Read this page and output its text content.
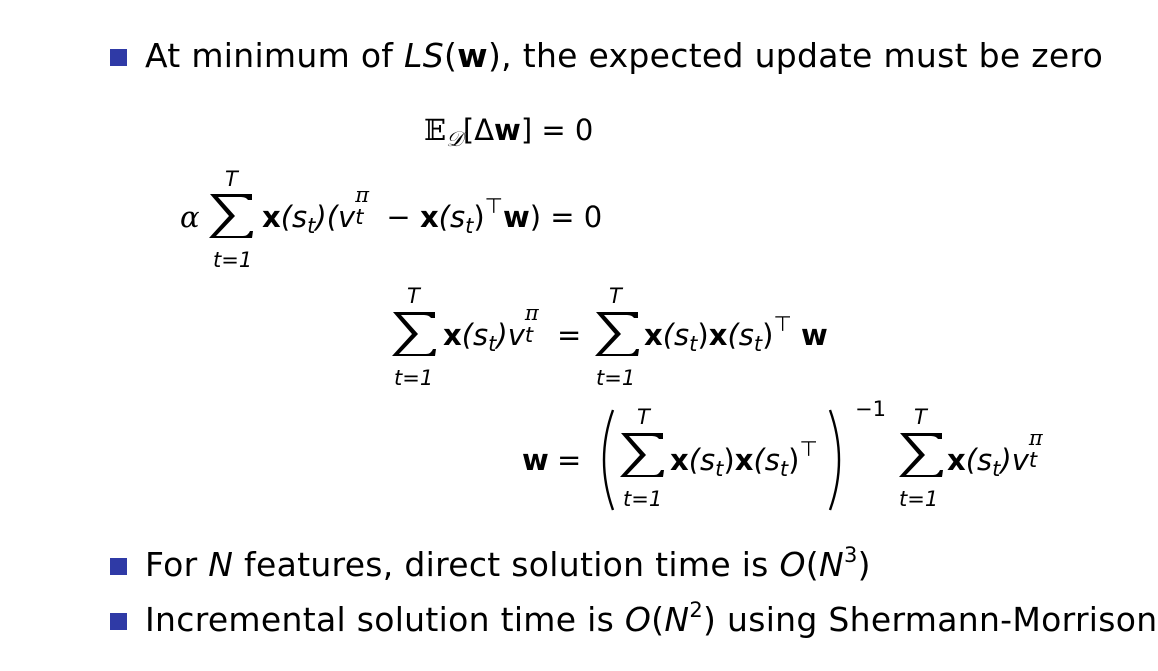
At minimum of LS(w), the expected update must be zero
𝔼$_𝒟$[Δw] = 0
α
T
t=1
$x(s_t)(v$
π
$t - x(s_t)^⊤w) = 0$
T
t=1
$x(s_t)v$
π
t
=
T
t=1
$x(s_t)x(s_t)^⊤$ w
w =
T
t=1
$x(s_t)x(s_t)^⊤$
−1 T
t=1
$x(s_t)v$
π
t

For N features, direct solution time is $O(N^3)$
Incremental solution time is $O(N^2)$ using Shermann-Morrison
